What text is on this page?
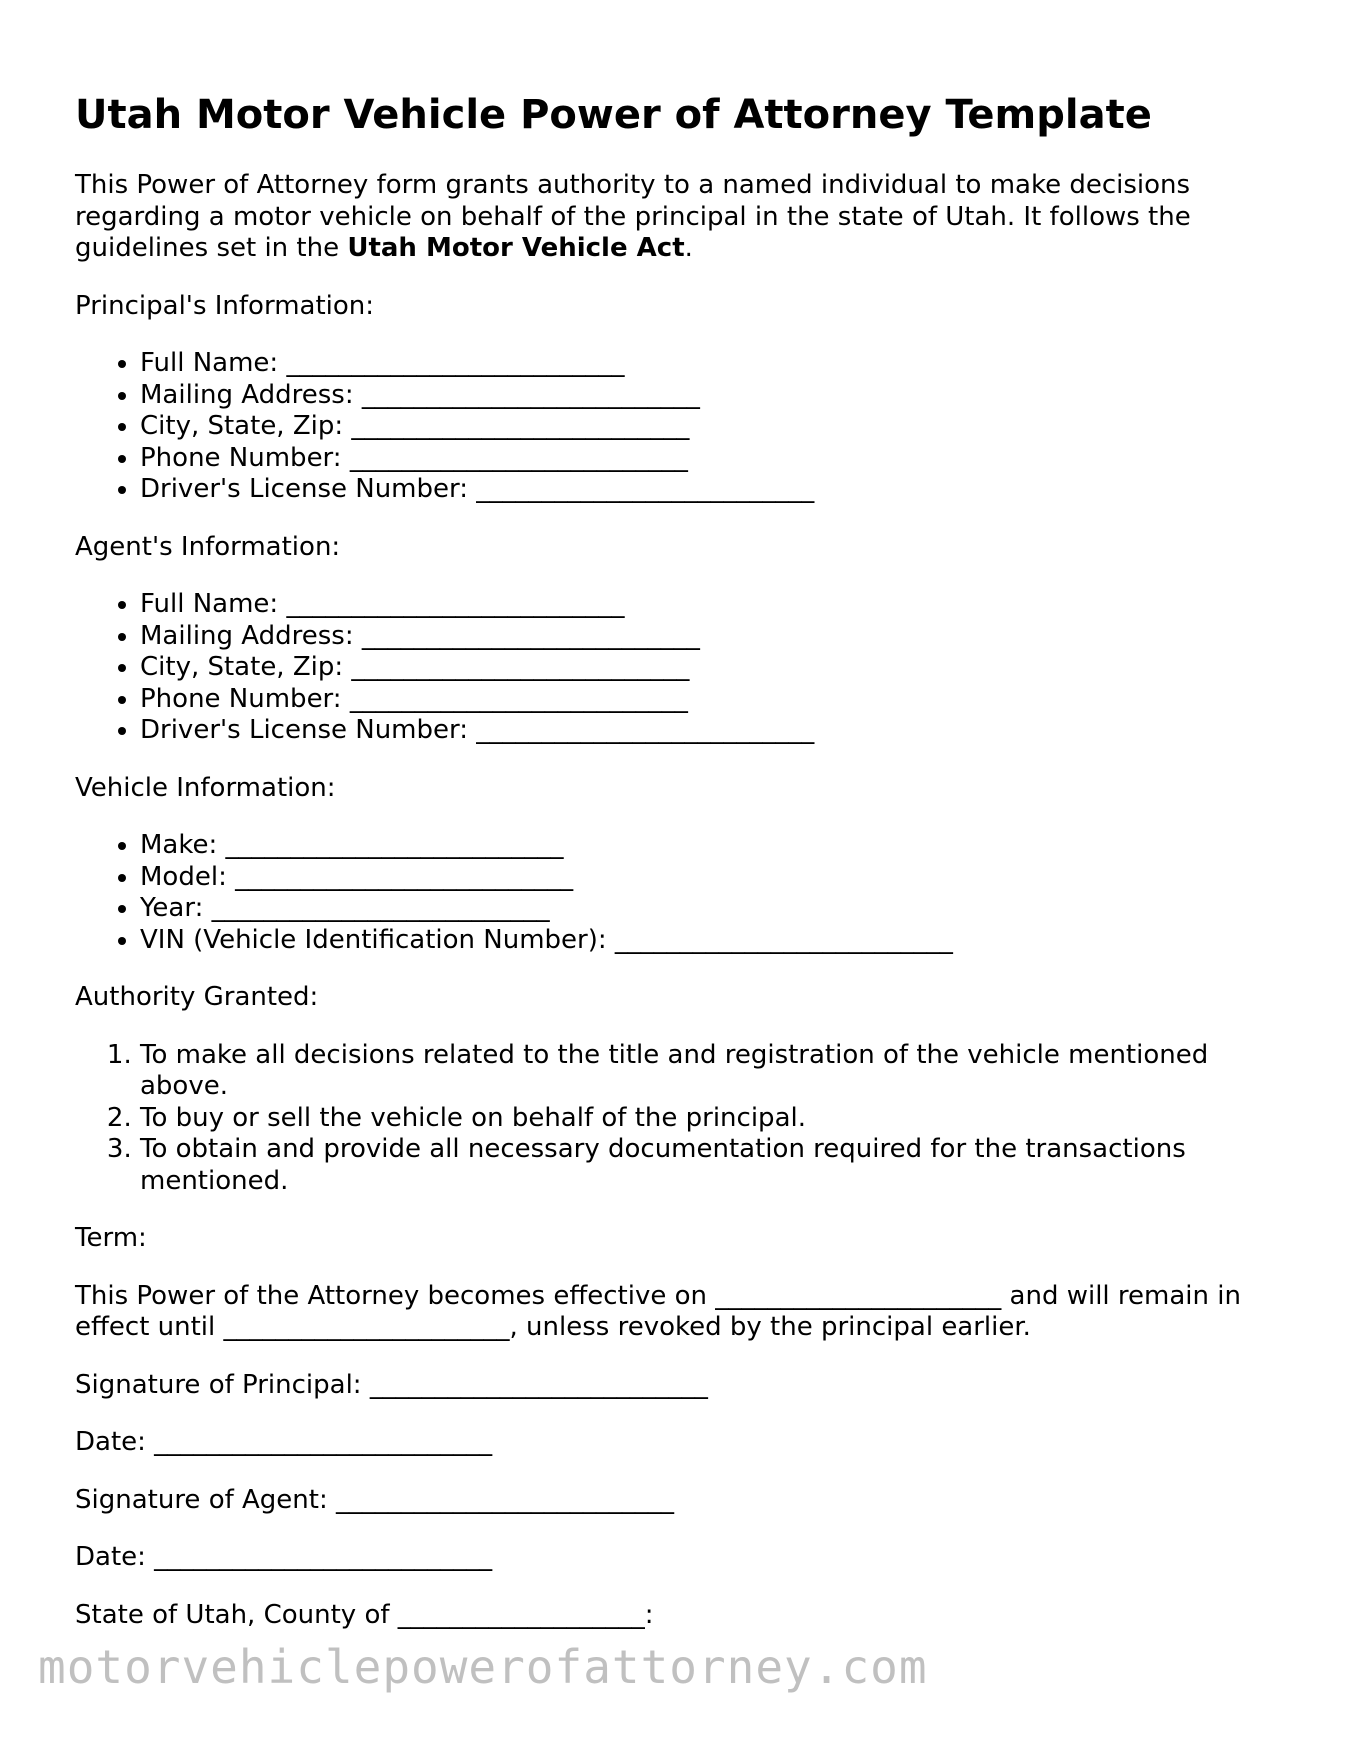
Utah Motor Vehicle Power of Attorney Template

This Power of Attorney form grants authority to a named individual to make decisions regarding a motor vehicle on behalf of the principal in the state of Utah. It follows the guidelines set in the Utah Motor Vehicle Act.

Principal's Information:

• Full Name: __________________________
• Mailing Address: __________________________
• City, State, Zip: __________________________
• Phone Number: __________________________
• Driver's License Number: __________________________

Agent's Information:

• Full Name: __________________________
• Mailing Address: __________________________
• City, State, Zip: __________________________
• Phone Number: __________________________
• Driver's License Number: __________________________

Vehicle Information:

• Make: __________________________
• Model: __________________________
• Year: __________________________
• VIN (Vehicle Identification Number): __________________________

Authority Granted:

1. To make all decisions related to the title and registration of the vehicle mentioned above.
2. To buy or sell the vehicle on behalf of the principal.
3. To obtain and provide all necessary documentation required for the transactions mentioned.

Term:

This Power of the Attorney becomes effective on ______________________ and will remain in effect until ______________________, unless revoked by the principal earlier.

Signature of Principal: __________________________

Date: __________________________

Signature of Agent: __________________________

Date: __________________________

State of Utah, County of ___________________:

motorvehiclepowerofattorney.com
